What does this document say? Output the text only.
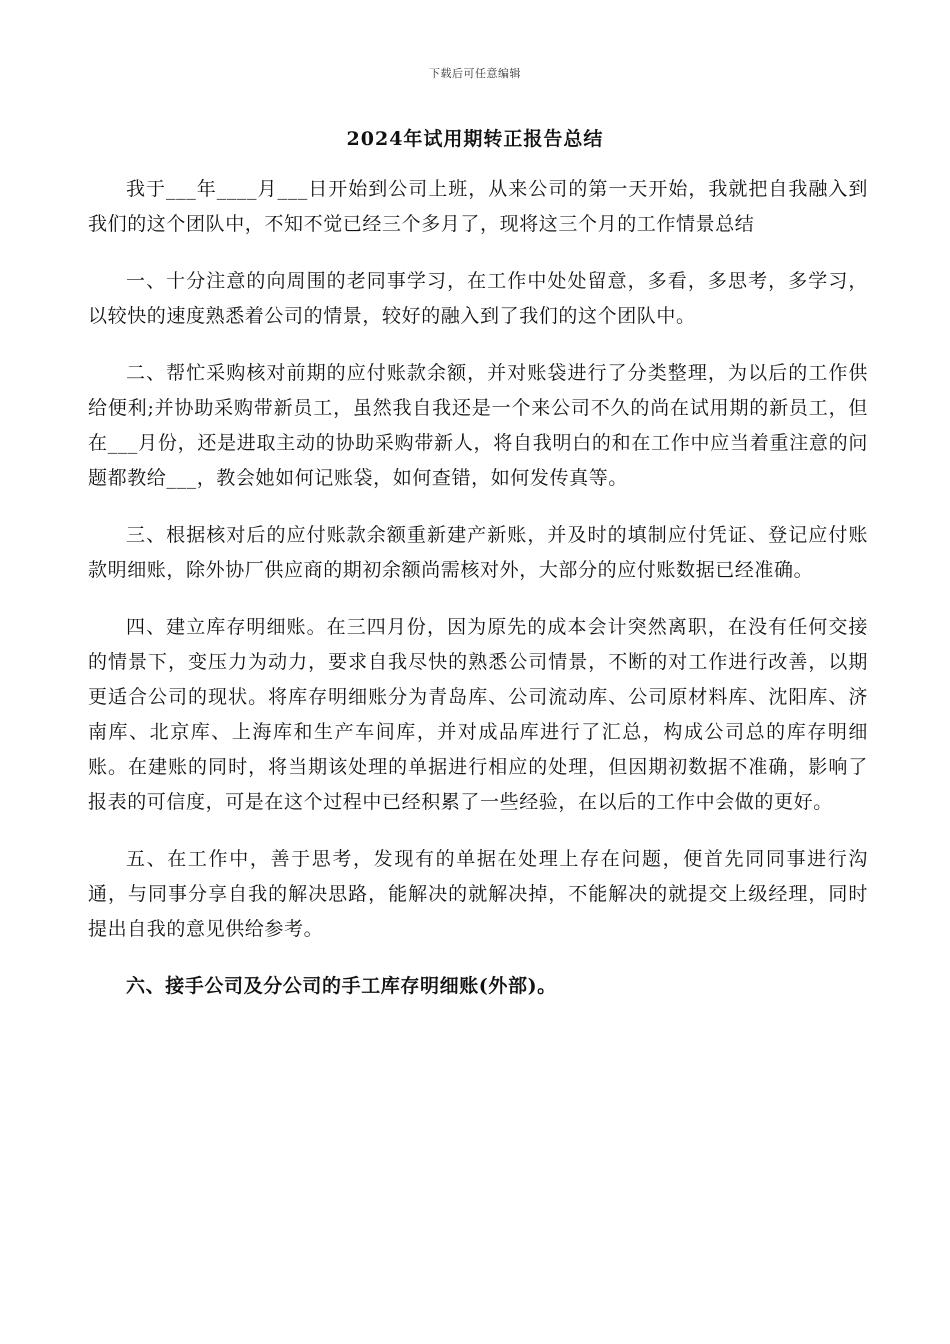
下载后可任意编辑
2024年试用期转正报告总结

我于___年____月___日开始到公司上班，从来公司的第一天开始，我就把自我融入到我们的这个团队中，不知不觉已经三个多月了，现将这三个月的工作情景总结

一、十分注意的向周围的老同事学习，在工作中处处留意，多看，多思考，多学习，以较快的速度熟悉着公司的情景，较好的融入到了我们的这个团队中。

二、帮忙采购核对前期的应付账款余额，并对账袋进行了分类整理，为以后的工作供给便利;并协助采购带新员工，虽然我自我还是一个来公司不久的尚在试用期的新员工，但在___月份，还是进取主动的协助采购带新人，将自我明白的和在工作中应当着重注意的问题都教给___，教会她如何记账袋，如何查错，如何发传真等。

三、根据核对后的应付账款余额重新建产新账，并及时的填制应付凭证、登记应付账款明细账，除外协厂供应商的期初余额尚需核对外，大部分的应付账数据已经准确。

四、建立库存明细账。在三四月份，因为原先的成本会计突然离职，在没有任何交接的情景下，变压力为动力，要求自我尽快的熟悉公司情景，不断的对工作进行改善，以期更适合公司的现状。将库存明细账分为青岛库、公司流动库、公司原材料库、沈阳库、济南库、北京库、上海库和生产车间库，并对成品库进行了汇总，构成公司总的库存明细账。在建账的同时，将当期该处理的单据进行相应的处理，但因期初数据不准确，影响了报表的可信度，可是在这个过程中已经积累了一些经验，在以后的工作中会做的更好。

五、在工作中，善于思考，发现有的单据在处理上存在问题，便首先同同事进行沟通，与同事分享自我的解决思路，能解决的就解决掉，不能解决的就提交上级经理，同时提出自我的意见供给参考。

六、接手公司及分公司的手工库存明细账(外部)。
